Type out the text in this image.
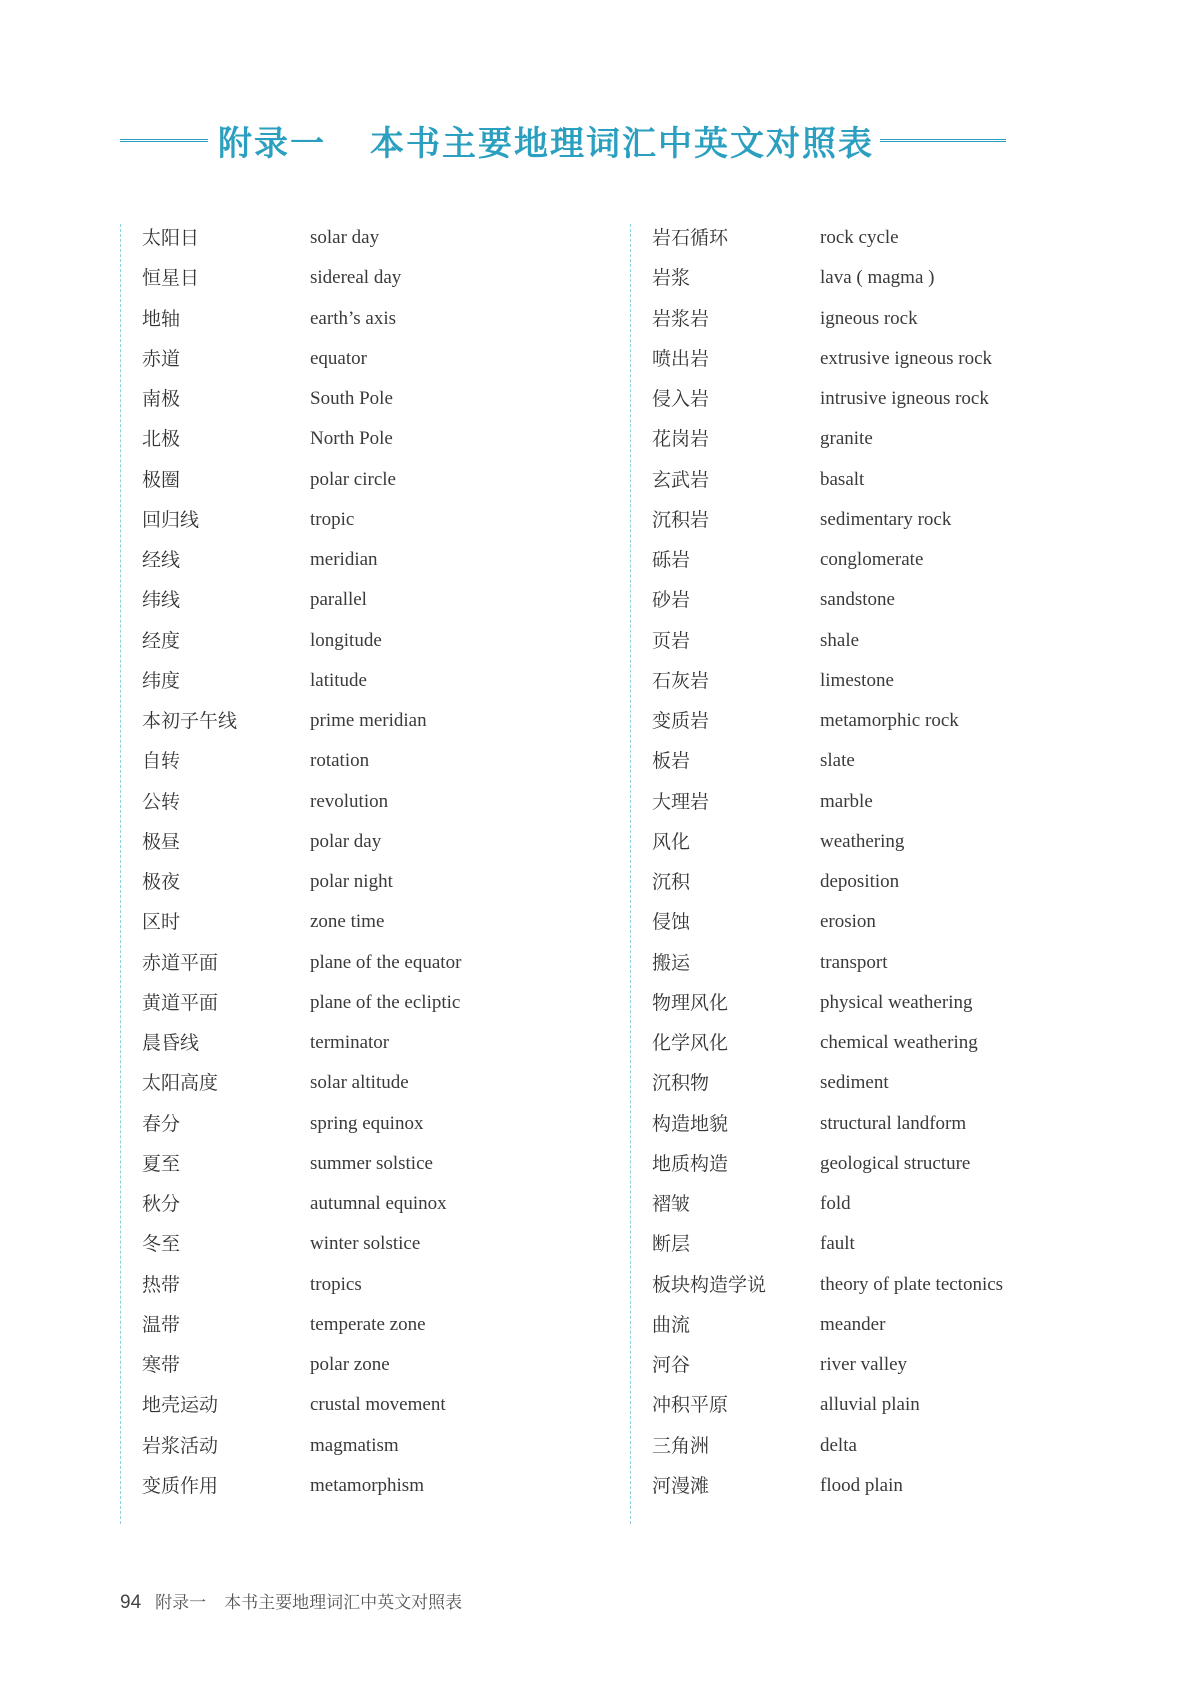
附录一 本书主要地理词汇中英文对照表
太阳日	solar day
恒星日	sidereal day
地轴	earth’s axis
赤道	equator
南极	South Pole
北极	North Pole
极圈	polar circle
回归线	tropic
经线	meridian
纬线	parallel
经度	longitude
纬度	latitude
本初子午线	prime meridian
自转	rotation
公转	revolution
极昼	polar day
极夜	polar night
区时	zone time
赤道平面	plane of the equator
黄道平面	plane of the ecliptic
晨昏线	terminator
太阳高度	solar altitude
春分	spring equinox
夏至	summer solstice
秋分	autumnal equinox
冬至	winter solstice
热带	tropics
温带	temperate zone
寒带	polar zone
地壳运动	crustal movement
岩浆活动	magmatism
变质作用	metamorphism
岩石循环	rock cycle
岩浆	lava ( magma )
岩浆岩	igneous rock
喷出岩	extrusive igneous rock
侵入岩	intrusive igneous rock
花岗岩	granite
玄武岩	basalt
沉积岩	sedimentary rock
砾岩	conglomerate
砂岩	sandstone
页岩	shale
石灰岩	limestone
变质岩	metamorphic rock
板岩	slate
大理岩	marble
风化	weathering
沉积	deposition
侵蚀	erosion
搬运	transport
物理风化	physical weathering
化学风化	chemical weathering
沉积物	sediment
构造地貌	structural landform
地质构造	geological structure
褶皱	fold
断层	fault
板块构造学说	theory of plate tectonics
曲流	meander
河谷	river valley
冲积平原	alluvial plain
三角洲	delta
河漫滩	flood plain
94 附录一 本书主要地理词汇中英文对照表
